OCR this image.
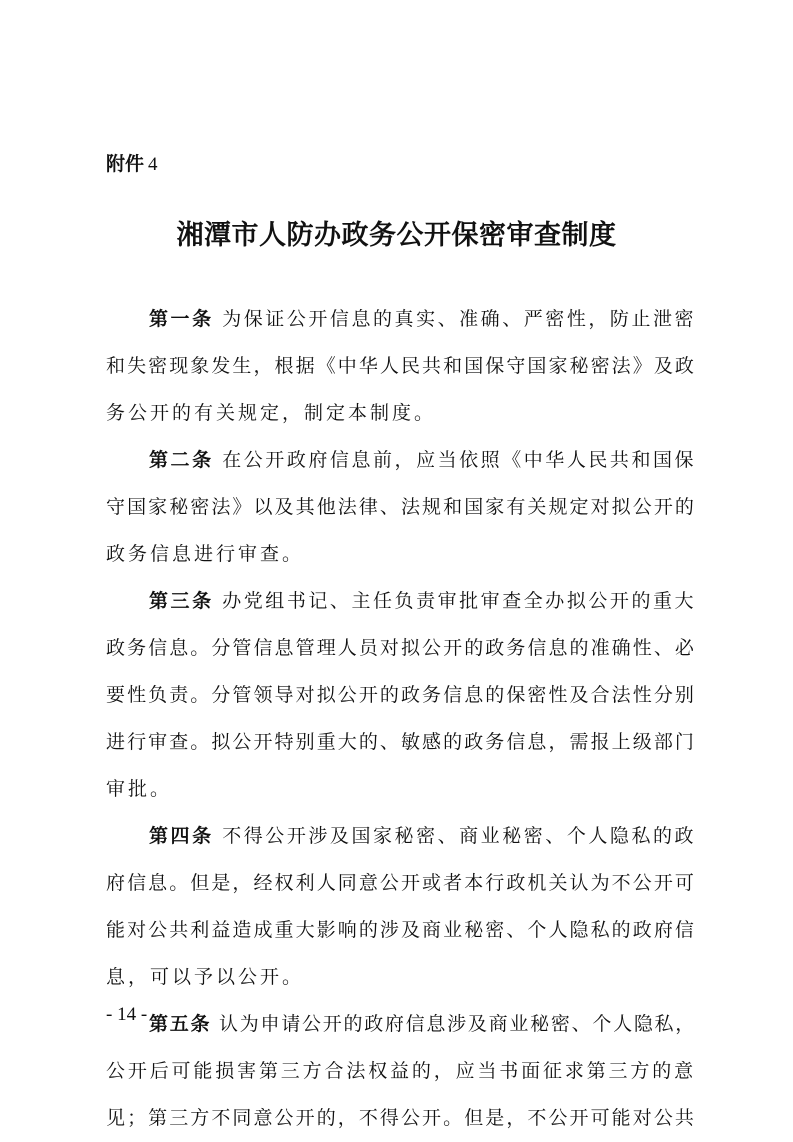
附件 4
湘潭市人防办政务公开保密审查制度
第一条 为保证公开信息的真实、准确、严密性，防止泄密
和失密现象发生，根据《中华人民共和国保守国家秘密法》及政
务公开的有关规定，制定本制度。
第二条 在公开政府信息前，应当依照《中华人民共和国保
守国家秘密法》以及其他法律、法规和国家有关规定对拟公开的
政务信息进行审查。
第三条 办党组书记、主任负责审批审查全办拟公开的重大
政务信息。分管信息管理人员对拟公开的政务信息的准确性、必
要性负责。分管领导对拟公开的政务信息的保密性及合法性分别
进行审查。拟公开特别重大的、敏感的政务信息，需报上级部门
审批。
第四条 不得公开涉及国家秘密、商业秘密、个人隐私的政
府信息。但是，经权利人同意公开或者本行政机关认为不公开可
能对公共利益造成重大影响的涉及商业秘密、个人隐私的政府信
息，可以予以公开。
第五条 认为申请公开的政府信息涉及商业秘密、个人隐私，
公开后可能损害第三方合法权益的，应当书面征求第三方的意
见；第三方不同意公开的，不得公开。但是，不公开可能对公共
- 14 -
